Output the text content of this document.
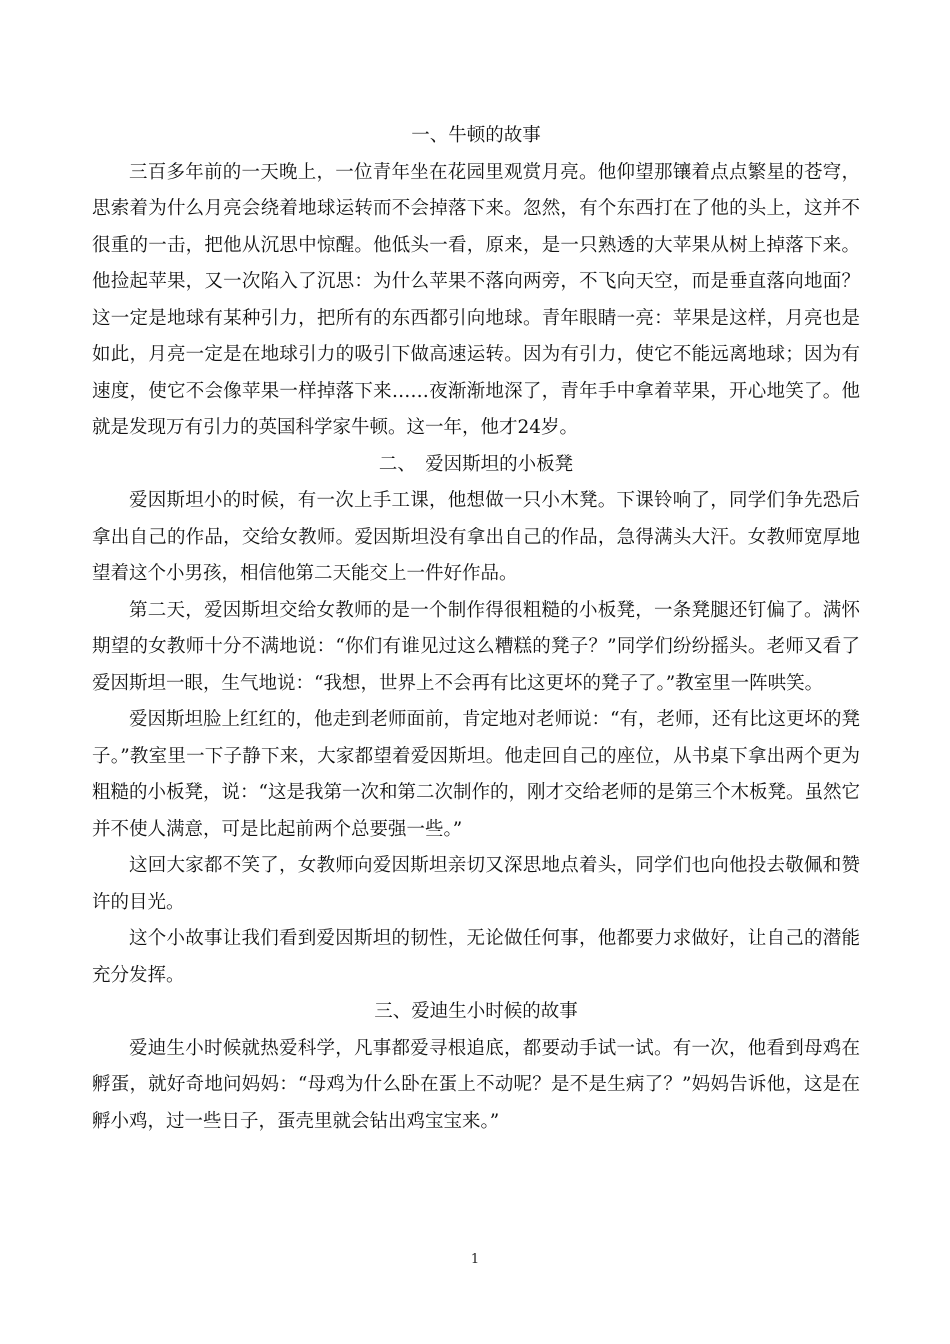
一、牛顿的故事

三百多年前的一天晚上，一位青年坐在花园里观赏月亮。他仰望那镶着点点繁星的苍穹，思索着为什么月亮会绕着地球运转而不会掉落下来。忽然，有个东西打在了他的头上，这并不很重的一击，把他从沉思中惊醒。他低头一看，原来，是一只熟透的大苹果从树上掉落下来。他捡起苹果，又一次陷入了沉思：为什么苹果不落向两旁，不飞向天空，而是垂直落向地面？这一定是地球有某种引力，把所有的东西都引向地球。青年眼睛一亮：苹果是这样，月亮也是如此，月亮一定是在地球引力的吸引下做高速运转。因为有引力，使它不能远离地球；因为有速度，使它不会像苹果一样掉落下来……夜渐渐地深了，青年手中拿着苹果，开心地笑了。他就是发现万有引力的英国科学家牛顿。这一年，他才24岁。

二、　爱因斯坦的小板凳

爱因斯坦小的时候，有一次上手工课，他想做一只小木凳。下课铃响了，同学们争先恐后拿出自己的作品，交给女教师。爱因斯坦没有拿出自己的作品，急得满头大汗。女教师宽厚地望着这个小男孩，相信他第二天能交上一件好作品。

第二天，爱因斯坦交给女教师的是一个制作得很粗糙的小板凳，一条凳腿还钉偏了。满怀期望的女教师十分不满地说：“你们有谁见过这么糟糕的凳子？”同学们纷纷摇头。老师又看了爱因斯坦一眼，生气地说：“我想，世界上不会再有比这更坏的凳子了。”教室里一阵哄笑。

爱因斯坦脸上红红的，他走到老师面前，肯定地对老师说：“有，老师，还有比这更坏的凳子。”教室里一下子静下来，大家都望着爱因斯坦。他走回自己的座位，从书桌下拿出两个更为粗糙的小板凳，说：“这是我第一次和第二次制作的，刚才交给老师的是第三个木板凳。虽然它并不使人满意，可是比起前两个总要强一些。”

这回大家都不笑了，女教师向爱因斯坦亲切又深思地点着头，同学们也向他投去敬佩和赞许的目光。

这个小故事让我们看到爱因斯坦的韧性，无论做任何事，他都要力求做好，让自己的潜能充分发挥。

三、爱迪生小时候的故事

爱迪生小时候就热爱科学，凡事都爱寻根追底，都要动手试一试。有一次，他看到母鸡在孵蛋，就好奇地问妈妈：“母鸡为什么卧在蛋上不动呢？是不是生病了？”妈妈告诉他，这是在孵小鸡，过一些日子，蛋壳里就会钻出鸡宝宝来。”

1
